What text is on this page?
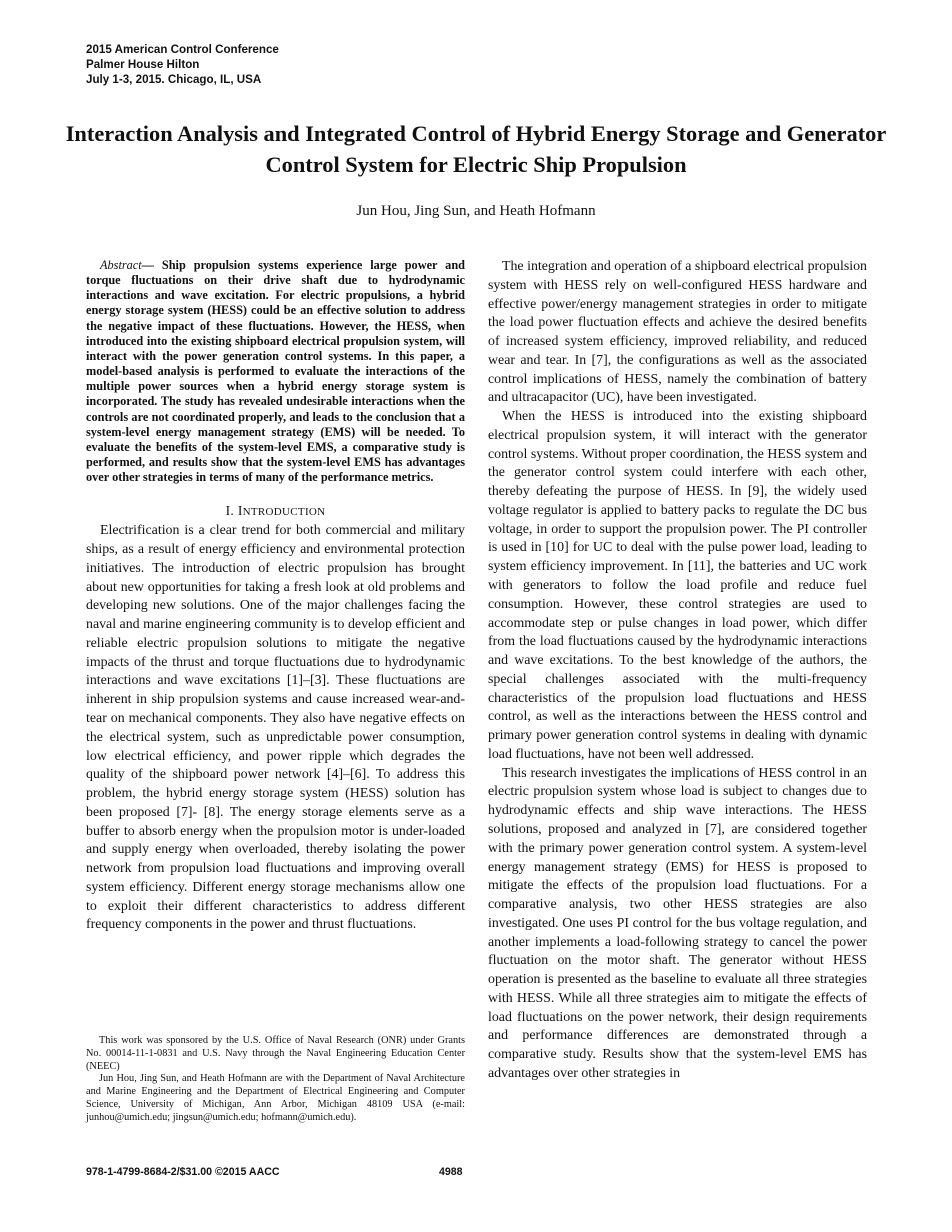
2015 American Control Conference
Palmer House Hilton
July 1-3, 2015. Chicago, IL, USA
Interaction Analysis and Integrated Control of Hybrid Energy Storage and Generator Control System for Electric Ship Propulsion
Jun Hou, Jing Sun, and Heath Hofmann

Abstract— Ship propulsion systems experience large power and torque fluctuations on their drive shaft due to hydrodynamic interactions and wave excitation. For electric propulsions, a hybrid energy storage system (HESS) could be an effective solution to address the negative impact of these fluctuations. However, the HESS, when introduced into the existing shipboard electrical propulsion system, will interact with the power generation control systems. In this paper, a model-based analysis is performed to evaluate the interactions of the multiple power sources when a hybrid energy storage system is incorporated. The study has revealed undesirable interactions when the controls are not coordinated properly, and leads to the conclusion that a system-level energy management strategy (EMS) will be needed. To evaluate the benefits of the system-level EMS, a comparative study is performed, and results show that the system-level EMS has advantages over other strategies in terms of many of the performance metrics.

I. INTRODUCTION

Electrification is a clear trend for both commercial and military ships, as a result of energy efficiency and environmental protection initiatives. The introduction of electric propulsion has brought about new opportunities for taking a fresh look at old problems and developing new solutions. One of the major challenges facing the naval and marine engineering community is to develop efficient and reliable electric propulsion solutions to mitigate the negative impacts of the thrust and torque fluctuations due to hydrodynamic interactions and wave excitations [1]–[3]. These fluctuations are inherent in ship propulsion systems and cause increased wear-and-tear on mechanical components. They also have negative effects on the electrical system, such as unpredictable power consumption, low electrical efficiency, and power ripple which degrades the quality of the shipboard power network [4]–[6]. To address this problem, the hybrid energy storage system (HESS) solution has been proposed [7]- [8]. The energy storage elements serve as a buffer to absorb energy when the propulsion motor is under-loaded and supply energy when overloaded, thereby isolating the power network from propulsion load fluctuations and improving overall system efficiency. Different energy storage mechanisms allow one to exploit their different characteristics to address different frequency components in the power and thrust fluctuations.

This work was sponsored by the U.S. Office of Naval Research (ONR) under Grants No. 00014-11-1-0831 and U.S. Navy through the Naval Engineering Education Center (NEEC)

Jun Hou, Jing Sun, and Heath Hofmann are with the Department of Naval Architecture and Marine Engineering and the Department of Electrical Engineering and Computer Science, University of Michigan, Ann Arbor, Michigan 48109 USA (e-mail: junhou@umich.edu; jingsun@umich.edu; hofmann@umich.edu).

The integration and operation of a shipboard electrical propulsion system with HESS rely on well-configured HESS hardware and effective power/energy management strategies in order to mitigate the load power fluctuation effects and achieve the desired benefits of increased system efficiency, improved reliability, and reduced wear and tear. In [7], the configurations as well as the associated control implications of HESS, namely the combination of battery and ultracapacitor (UC), have been investigated.

When the HESS is introduced into the existing shipboard electrical propulsion system, it will interact with the generator control systems. Without proper coordination, the HESS system and the generator control system could interfere with each other, thereby defeating the purpose of HESS. In [9], the widely used voltage regulator is applied to battery packs to regulate the DC bus voltage, in order to support the propulsion power. The PI controller is used in [10] for UC to deal with the pulse power load, leading to system efficiency improvement. In [11], the batteries and UC work with generators to follow the load profile and reduce fuel consumption. However, these control strategies are used to accommodate step or pulse changes in load power, which differ from the load fluctuations caused by the hydrodynamic interactions and wave excitations. To the best knowledge of the authors, the special challenges associated with the multi-frequency characteristics of the propulsion load fluctuations and HESS control, as well as the interactions between the HESS control and primary power generation control systems in dealing with dynamic load fluctuations, have not been well addressed.

This research investigates the implications of HESS control in an electric propulsion system whose load is subject to changes due to hydrodynamic effects and ship wave interactions. The HESS solutions, proposed and analyzed in [7], are considered together with the primary power generation control system. A system-level energy management strategy (EMS) for HESS is proposed to mitigate the effects of the propulsion load fluctuations. For a comparative analysis, two other HESS strategies are also investigated. One uses PI control for the bus voltage regulation, and another implements a load-following strategy to cancel the power fluctuation on the motor shaft. The generator without HESS operation is presented as the baseline to evaluate all three strategies with HESS. While all three strategies aim to mitigate the effects of load fluctuations on the power network, their design requirements and performance differences are demonstrated through a comparative study. Results show that the system-level EMS has advantages over other strategies in

978-1-4799-8684-2/$31.00 ©2015 AACC	4988
